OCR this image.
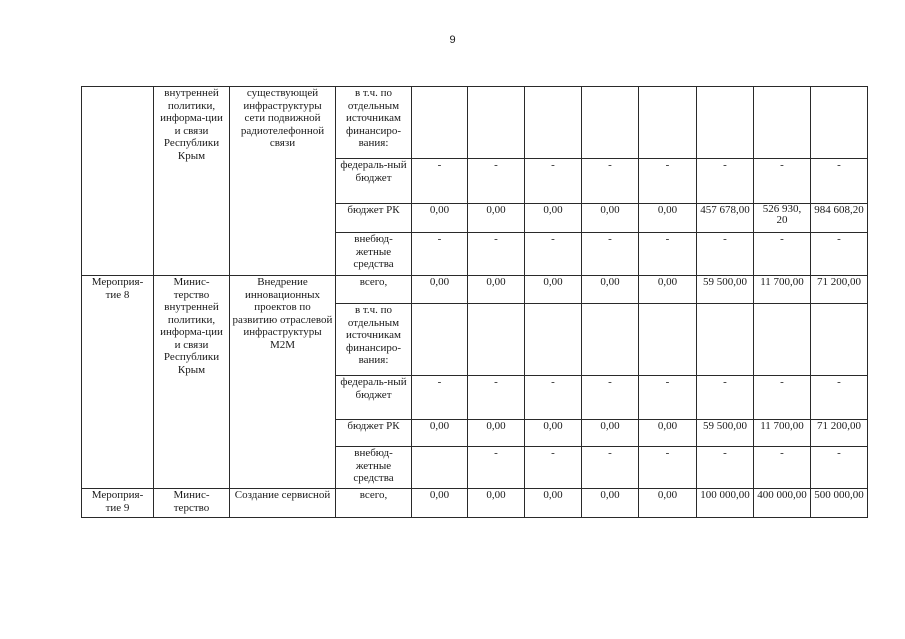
9
	внутренней политики, информа-ции и связи Республики Крым	существующей инфраструктуры сети подвижной радиотелефонной связи	в т.ч. по отдельным источникам финансиро-вания:								
			федераль-ный бюджет	-	-	-	-	-	-	-	-
			бюджет РК	0,00	0,00	0,00	0,00	0,00	457 678,00	526 930, 20	984 608,20
			внебюд-жетные средства	-	-	-	-	-	-	-	-
Мероприя-тие 8	Минис-терство внутренней политики, информа-ции и связи Республики Крым	Внедрение инновационных проектов по развитию отраслевой инфраструктуры М2М	всего,	0,00	0,00	0,00	0,00	0,00	59 500,00	11 700,00	71 200,00
			в т.ч. по отдельным источникам финансиро-вания:								
			федераль-ный бюджет	-	-	-	-	-	-	-	-
			бюджет РК	0,00	0,00	0,00	0,00	0,00	59 500,00	11 700,00	71 200,00
			внебюд-жетные средства		-	-	-	-	-	-	-
Мероприя-тие 9	Минис-терство	Создание сервисной	всего,	0,00	0,00	0,00	0,00	0,00	100 000,00	400 000,00	500 000,00
